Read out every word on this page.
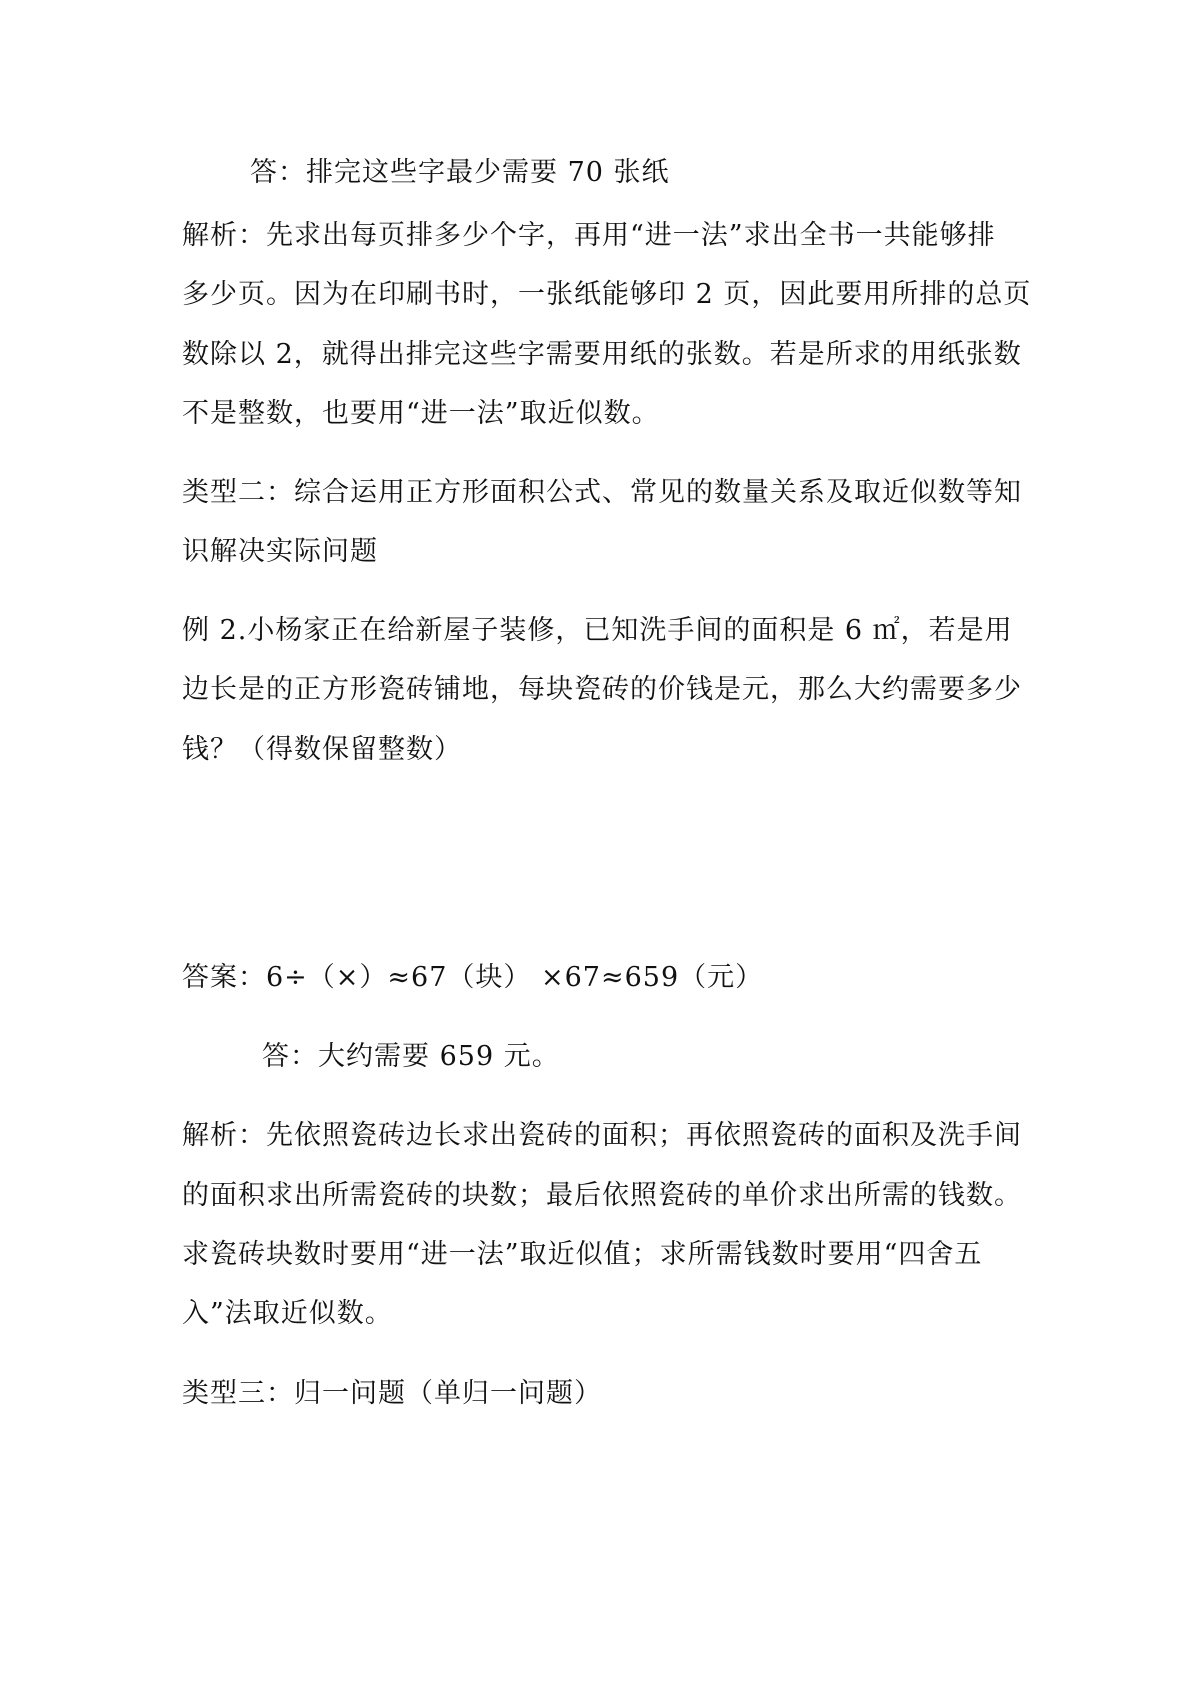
答：排完这些字最少需要 70 张纸
解析：先求出每页排多少个字，再用“进一法”求出全书一共能够排
多少页。因为在印刷书时，一张纸能够印 2 页，因此要用所排的总页
数除以 2，就得出排完这些字需要用纸的张数。若是所求的用纸张数
不是整数，也要用“进一法”取近似数。
类型二：综合运用正方形面积公式、常见的数量关系及取近似数等知
识解决实际问题
例 2.小杨家正在给新屋子装修，已知洗手间的面积是 6 ㎡，若是用
边长是的正方形瓷砖铺地，每块瓷砖的价钱是元，那么大约需要多少
钱？（得数保留整数）
答案：6÷（×）≈67（块） ×67≈659（元）
答：大约需要 659 元。
解析：先依照瓷砖边长求出瓷砖的面积；再依照瓷砖的面积及洗手间
的面积求出所需瓷砖的块数；最后依照瓷砖的单价求出所需的钱数。
求瓷砖块数时要用“进一法”取近似值；求所需钱数时要用“四舍五
入”法取近似数。
类型三：归一问题（单归一问题）
